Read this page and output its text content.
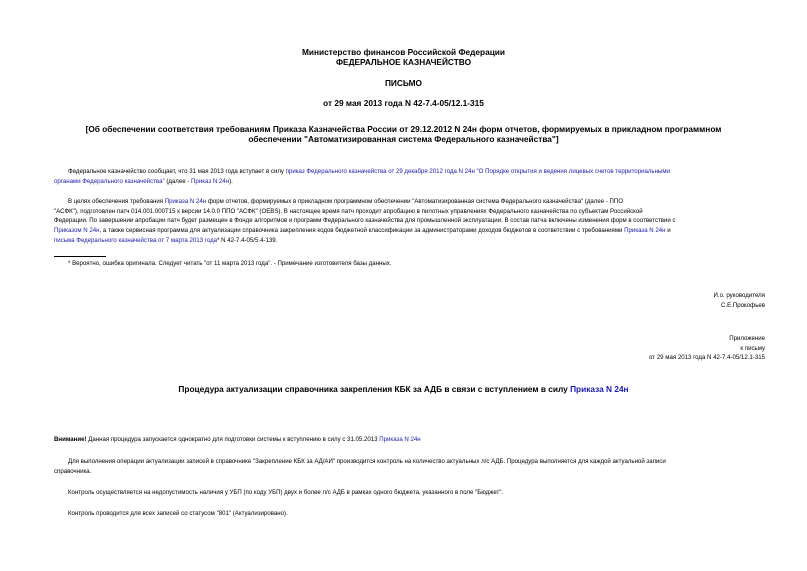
Министерство финансов Российской Федерации
ФЕДЕРАЛЬНОЕ КАЗНАЧЕЙСТВО
ПИСЬМО
от 29 мая 2013 года N 42-7.4-05/12.1-315
[Об обеспечении соответствия требованиям Приказа Казначейства России от 29.12.2012 N 24н форм отчетов, формируемых в прикладном программном
обеспечении "Автоматизированная система Федерального казначейства"]
Федеральное казначейство сообщает, что 31 мая 2013 года вступает в силу приказ Федерального казначейства от 29 декабря 2012 года N 24н "О Порядке открытия и ведения лицевых счетов территориальными
органами Федерального казначейства" (далее - Приказ N 24н).
В целях обеспечения требования Приказа N 24н форм отчетов, формируемых в прикладном программном обеспечении "Автоматизированная система Федерального казначейства" (далее - ППО
"АСФК"), подготовлен патч 014.001.000Т15 к версии 14.0.0 ППО "АСФК" (OEBS). В настоящее время патч проходит апробацию в пилотных управлениях Федерального казначейства по субъектам Российской
Федерации. По завершении апробации патч будет размещен в Фонде алгоритмов и программ Федерального казначейства для промышленной эксплуатации. В состав патча включены изменения форм в соответствии с
Приказом N 24н, а также сервисная программа для актуализации справочника закрепления кодов бюджетной классификации за администраторами доходов бюджетов в соответствии с требованиями Приказа N 24н и
письма Федерального казначейства от 7 марта 2013 года* N 42-7.4-05/5.4-139.
* Вероятно, ошибка оригинала. Следует читать "от 11 марта 2013 года". - Примечание изготовителя базы данных.
И.о. руководителя
С.Е.Прокофьев
Приложение
к письму
от 29 мая 2013 года N 42-7.4-05/12.1-315
Процедура актуализации справочника закрепления КБК за АДБ в связи с вступлением в силу Приказа N 24н
Внимание! Данная процедура запускается однократно для подготовки системы к вступлению в силу с 31.05.2013 Приказа N 24н
Для выполнения операции актуализации записей в справочнике "Закрепление КБК за АД/АИ" производится контроль на количество актуальных л/с АДБ. Процедура выполняется для каждой актуальной записи
справочника.
Контроль осуществляется на недопустимость наличия у УБП (по коду УБП) двух и более л/с АДБ в рамках одного бюджета, указанного в поле "Бюджет".
Контроль проводится для всех записей со статусом "801" (Актуализировано).
